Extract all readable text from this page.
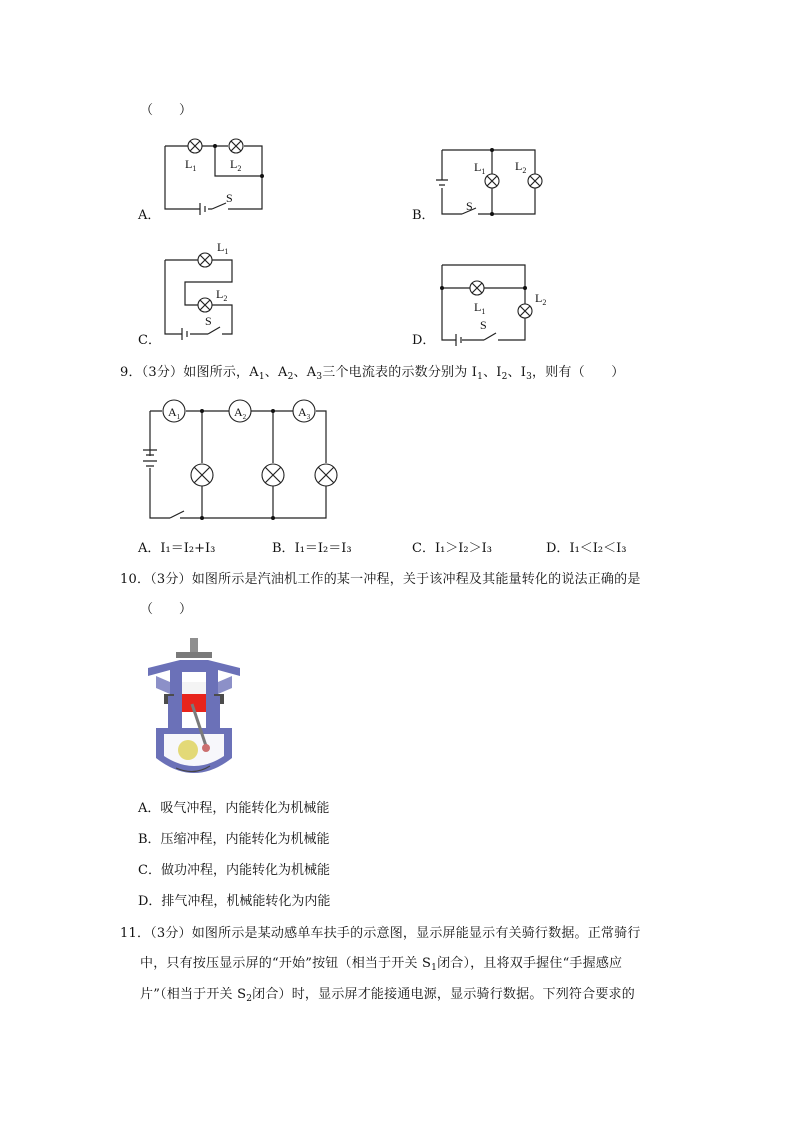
（　　）
$L_1$	$L_2$
S
$L_1$ $L_2$
S
$L_1$
$L_2$
S
$L_1$
$L_2$
S
A．	B．
C．	D．
9．（3分）如图所示，$A_1$、$A_2$、$A_3$三个电流表的示数分别为 $I_1$、$I_2$、$I_3$，则有（　　）
$A_1$	$A_2$	$A_3$
A．I₁＝I₂+I₃	B．I₁＝I₂＝I₃	C．I₁＞I₂＞I₃	D．I₁＜I₂＜I₃
10．（3分）如图所示是汽油机工作的某一冲程，关于该冲程及其能量转化的说法正确的是
（　　）
A．吸气冲程，内能转化为机械能
B．压缩冲程，内能转化为机械能
C．做功冲程，内能转化为机械能
D．排气冲程，机械能转化为内能
11．（3分）如图所示是某动感单车扶手的示意图，显示屏能显示有关骑行数据。正常骑行
中，只有按压显示屏的“开始”按钮（相当于开关 $S_1$闭合），且将双手握住“手握感应
片”（相当于开关 $S_2$闭合）时，显示屏才能接通电源，显示骑行数据。下列符合要求的
